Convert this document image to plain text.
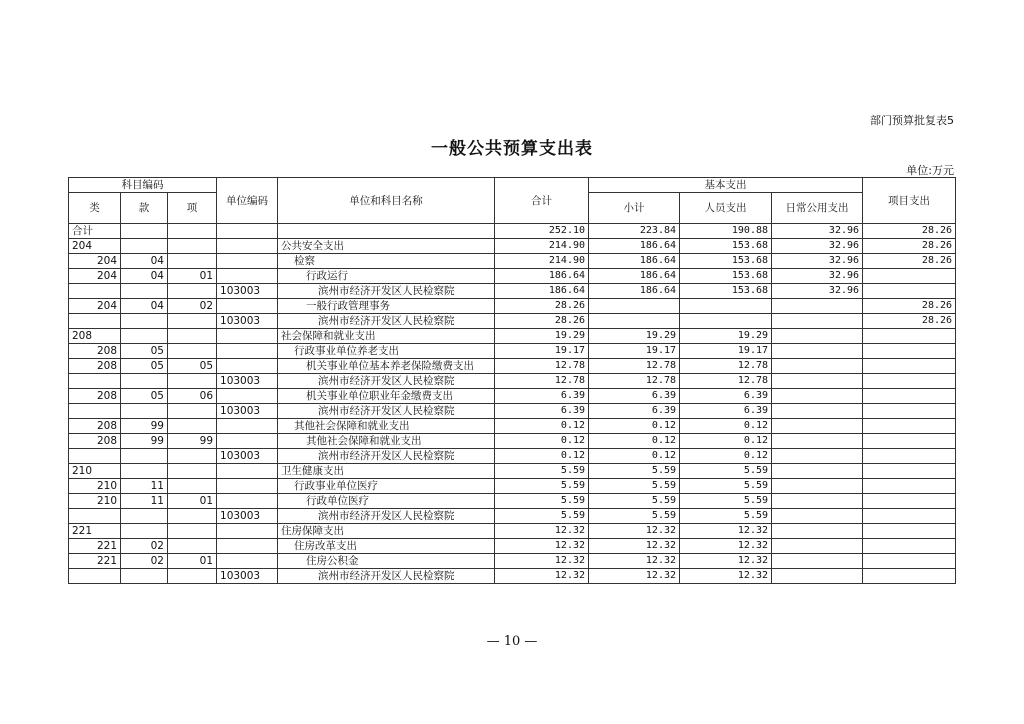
部门预算批复表5
一般公共预算支出表
单位:万元
科目编码			单位编码	单位和科目名称	合计	基本支出			项目支出
类	款	项				小计	人员支出	日常公用支出	
合计					252.10	223.84	190.88	32.96	28.26
204				公共安全支出	214.90	186.64	153.68	32.96	28.26
204	04			检察	214.90	186.64	153.68	32.96	28.26
204	04	01		行政运行	186.64	186.64	153.68	32.96	
			103003	滨州市经济开发区人民检察院	186.64	186.64	153.68	32.96	
204	04	02		一般行政管理事务	28.26				28.26
			103003	滨州市经济开发区人民检察院	28.26				28.26
208				社会保障和就业支出	19.29	19.29	19.29		
208	05			行政事业单位养老支出	19.17	19.17	19.17		
208	05	05		机关事业单位基本养老保险缴费支出	12.78	12.78	12.78		
			103003	滨州市经济开发区人民检察院	12.78	12.78	12.78		
208	05	06		机关事业单位职业年金缴费支出	6.39	6.39	6.39		
			103003	滨州市经济开发区人民检察院	6.39	6.39	6.39		
208	99			其他社会保障和就业支出	0.12	0.12	0.12		
208	99	99		其他社会保障和就业支出	0.12	0.12	0.12		
			103003	滨州市经济开发区人民检察院	0.12	0.12	0.12		
210				卫生健康支出	5.59	5.59	5.59		
210	11			行政事业单位医疗	5.59	5.59	5.59		
210	11	01		行政单位医疗	5.59	5.59	5.59		
			103003	滨州市经济开发区人民检察院	5.59	5.59	5.59		
221				住房保障支出	12.32	12.32	12.32		
221	02			住房改革支出	12.32	12.32	12.32		
221	02	01		住房公积金	12.32	12.32	12.32		
			103003	滨州市经济开发区人民检察院	12.32	12.32	12.32		
— 10 —
